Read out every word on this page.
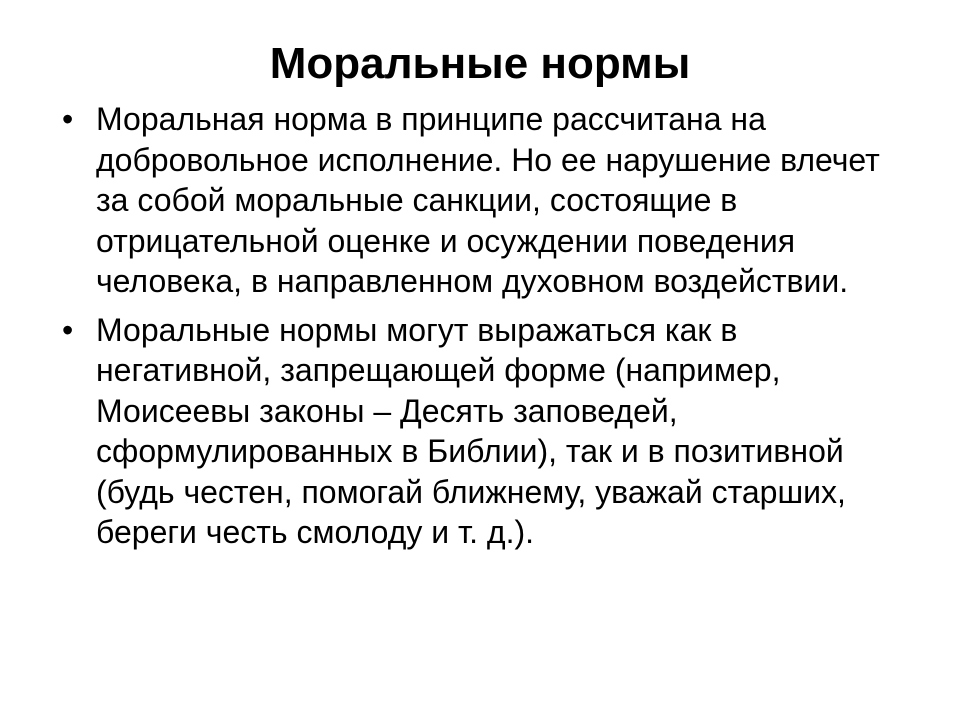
Моральные нормы
• Моральная норма в принципе рассчитана на добровольное исполнение. Но ее нарушение влечет за собой моральные санкции, состоящие в отрицательной оценке и осуждении поведения человека, в направленном духовном воздействии.
• Моральные нормы могут выражаться как в негативной, запрещающей форме (например, Моисеевы законы – Десять заповедей, сформулированных в Библии), так и в позитивной (будь честен, помогай ближнему, уважай старших, береги честь смолоду и т. д.).
